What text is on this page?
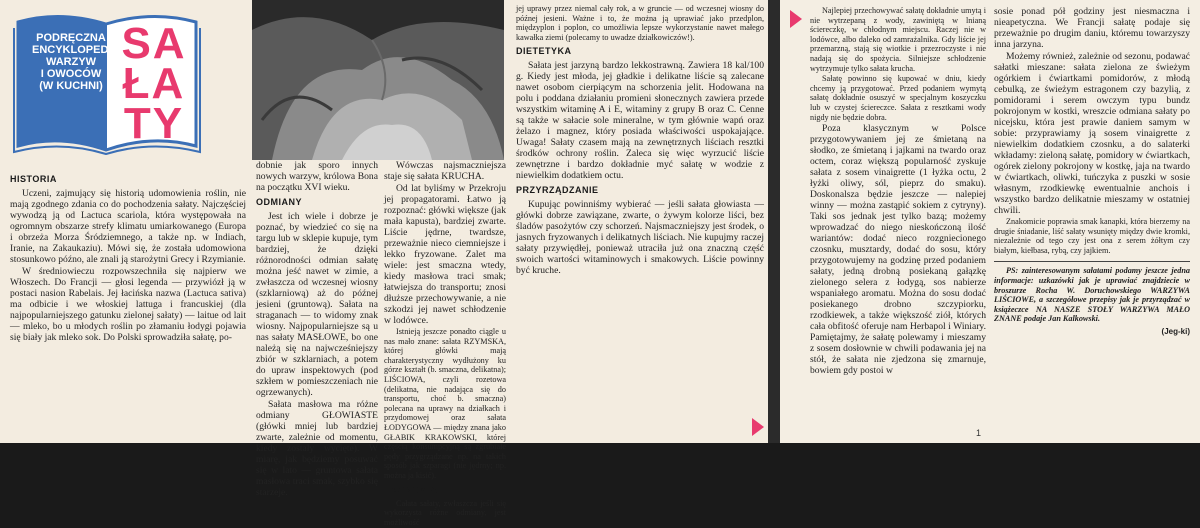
PODRĘCZNA
ENCYKLOPEDIA
WARZYW
I OWOCÓW
(W KUCHNI)
SA
ŁA
TY
HISTORIA

Uczeni, zajmujący się historią udomowienia roślin, nie mają zgodnego zdania co do pochodzenia sałaty. Najczęściej wywodzą ją od Lactuca scariola, która występowała na ogromnym obszarze strefy klimatu umiarkowanego (Europa i obrzeża Morza Śródziemnego, a także np. w Indiach, Iranie, na Zakaukaziu). Mówi się, że została udomowiona stosunkowo późno, ale znali ją starożytni Grecy i Rzymianie.

W średniowieczu rozpowszechniła się najpierw we Włoszech. Do Francji — głosi legenda — przywiózł ją w postaci nasion Rabelais. Jej łacińska nazwa (Lactuca sativa) ma odbicie i we włoskiej lattuga i francuskiej (dla najpopularniejszego gatunku zielonej sałaty) — laitue od lait — mleko, bo u młodych roślin po złamaniu łodygi pojawia się biały jak mleko sok. Do Polski sprowadziła sałatę, po-

dobnie jak sporo innych nowych warzyw, królowa Bona na początku XVI wieku.

ODMIANY

Jest ich wiele i dobrze je poznać, by wiedzieć co się na targu lub w sklepie kupuje, tym bardziej, że dzięki różnorodności odmian sałatę można jeść nawet w zimie, a zwłaszcza od wczesnej wiosny (szklarniową) aż do późnej jesieni (gruntową). Sałata na straganach — to widomy znak wiosny. Najpopularniejsze są u nas sałaty MASŁOWE, bo one należą się na najwcześniejszy zbiór w szklarniach, a potem do upraw inspektowych (pod szkłem w pomieszczeniach nie ogrzewanych).

Sałata masłowa ma różne odmiany GŁOWIASTE (główki mniej lub bardziej zwarte, zależnie od momentu, kiedy zostały wycięte). W miarę, jak będziemy posuwać się w lato — gruntowa sałata masłowa traci smak, szybko się starzeje.

Wówczas najsmaczniejsza staje się sałata KRUCHA.

Od lat byliśmy w Przekroju jej propagatorami. Łatwo ją rozpoznać: główki większe (jak mała kapusta), bardziej zwarte. Liście jędrne, twardsze, przeważnie nieco ciemniejsze i lekko fryzowane. Zalet ma wiele: jest smaczna wtedy, kiedy masłowa traci smak; łatwiejsza do transportu; znosi dłuższe przechowywanie, a nie szkodzi jej nawet schłodzenie w lodówce.

Istnieją jeszcze ponadto ciągle u nas mało znane: sałata RZYMSKA, której główki mają charakterystyczny wydłużony ku górze kształt (b. smaczna, delikatna); LIŚCIOWA, czyli rozetowa (delikatna, nie nadająca się do transportu, choć b. smaczna) polecana na uprawy na działkach i przydomowej oraz sałata ŁODYGOWA — między znana jako GŁABIK KRAKOWSKI, której częścią konsumpcyjną są zgrubiałe pędy przygrządzane np. na takich sposób jak szparagi (nie jędrny; np. można ja kisić).

EKONOMIA

Całata sałaty, zwłaszcza jeśli się wykorzysta różne odmiany, jest możliwość

jej uprawy przez niemal cały rok, a w gruncie — od wczesnej wiosny do późnej jesieni. Ważne i to, że można ją uprawiać jako przedplon, międzyplon i poplon, co umożliwia lepsze wykorzystanie nawet małego kawałka ziemi (polecamy to uwadze działkowiczów!).

DIETETYKA

Sałata jest jarzyną bardzo lekkostrawną. Zawiera 18 kal/100 g. Kiedy jest młoda, jej gładkie i delikatne liście są zalecane nawet osobom cierpiącym na schorzenia jelit. Hodowana na polu i poddana działaniu promieni słonecznych zawiera przede wszystkim witaminę A i E, witaminy z grupy B oraz C. Cenne są także w sałacie sole mineralne, w tym głównie wapń oraz żelazo i magnez, który posiada właściwości uspokajające. Uwaga! Sałaty czasem mają na zewnętrznych liściach resztki środków ochrony roślin. Zaleca się więc wyrzucić liście zewnętrzne i bardzo dokładnie myć sałatę w wodzie z niewielkim dodatkiem octu.

PRZYRZĄDZANIE

Kupując powinniśmy wybierać — jeśli sałata głowiasta — główki dobrze zawiązane, zwarte, o żywym kolorze liści, bez śladów pasożytów czy schorzeń. Najsmaczniejszy jest środek, o jasnych fryzowanych i delikatnych liściach. Nie kupujmy raczej sałaty przywiędłej, ponieważ utraciła już ona znaczną część swoich wartości witaminowych i smakowych. Liście powinny być kruche.

Najlepiej przechowywać sałatę dokładnie umytą i nie wytrzepaną z wody, zawiniętą w lnianą ściereczkę, w chłodnym miejscu. Raczej nie w lodówce, albo daleko od zamrażalnika. Gdy liście jej przemarzną, stają się wiotkie i przezroczyste i nie nadają się do spożycia. Silniejsze schłodzenie wytrzymuje tylko sałata krucha.

Sałatę powinno się kupować w dniu, kiedy chcemy ją przygotować. Przed podaniem wymytą sałatę dokładnie osuszyć w specjalnym koszyczku lub w czystej ściereczce. Sałata z resztkami wody nigdy nie będzie dobra.

Poza klasycznym w Polsce przygotowywaniem jej ze śmietaną na słodko, ze śmietaną i jajkami na twardo oraz octem, coraz większą popularność zyskuje sałata z sosem vinaigrette (1 łyżka octu, 2 łyżki oliwy, sól, pieprz do smaku). Doskonalsza będzie jeszcze — nalepiej winny — można zastąpić sokiem z cytryny). Taki sos jednak jest tylko bazą; możemy wprowadzać do niego nieskończoną ilość wariantów: dodać nieco rozgniecionego czosnku, musztardy, dodać do sosu, który przygotowujemy na godzinę przed podaniem sałaty, jedną drobną posiekaną gałązkę zielonego selera z łodygą, sos nabierze wspaniałego aromatu. Można do sosu dodać posiekanego drobno szczypiorku, rzodkiewek, a także większość ziół, których cała obfitość oferuje nam Herbapol i Winiary. Pamiętajmy, że sałatę polewamy i mieszamy z sosem dosłownie w chwili podawania jej na stół, że sałata nie zjedzona się zmarnuje, bowiem gdy postoi w

sosie ponad pół godziny jest niesmaczna i nieapetyczna. We Francji sałatę podaje się przeważnie po drugim daniu, któremu towarzyszy inna jarzyna.

Możemy również, zależnie od sezonu, podawać sałatki mieszane: sałata zielona ze świeżym ogórkiem i ćwiartkami pomidorów, z młodą cebulką, ze świeżym estragonem czy bazylią, z pomidorami i serem owczym typu bundz pokrojonym w kostki, wreszcie odmiana sałaty po nicejsku, która jest prawie daniem samym w sobie: przyprawiamy ją sosem vinaigrette z niewielkim dodatkiem czosnku, a do salaterki wkładamy: zieloną sałatę, pomidory w ćwiartkach, ogórek zielony pokrojony w kostkę, jaja na twardo w ćwiartkach, oliwki, tuńczyka z puszki w sosie własnym, rzodkiewkę ewentualnie anchois i wszystko bardzo delikatnie mieszamy w ostatniej chwili.

Znakomicie poprawia smak kanapki, która bierzemy na drugie śniadanie, liść sałaty wsunięty między dwie kromki, niezależnie od tego czy jest ona z serem żółtym czy białym, kiełbasa, rybą, czy jajkiem.

PS: zainteresowanym sałatami podamy jeszcze jedna informacje: uzkazówki jak je uprawiać znajdziecie w broszurze Rocha W. Doruchowskiego WARZYWA LIŚCIOWE, a szczegółowe przepisy jak je przyrządzać w książeczce NA NASZE STOŁY WARZYWA MAŁO ZNANE podaje Jan Kalkowski.

(Jeg-ki)
1
